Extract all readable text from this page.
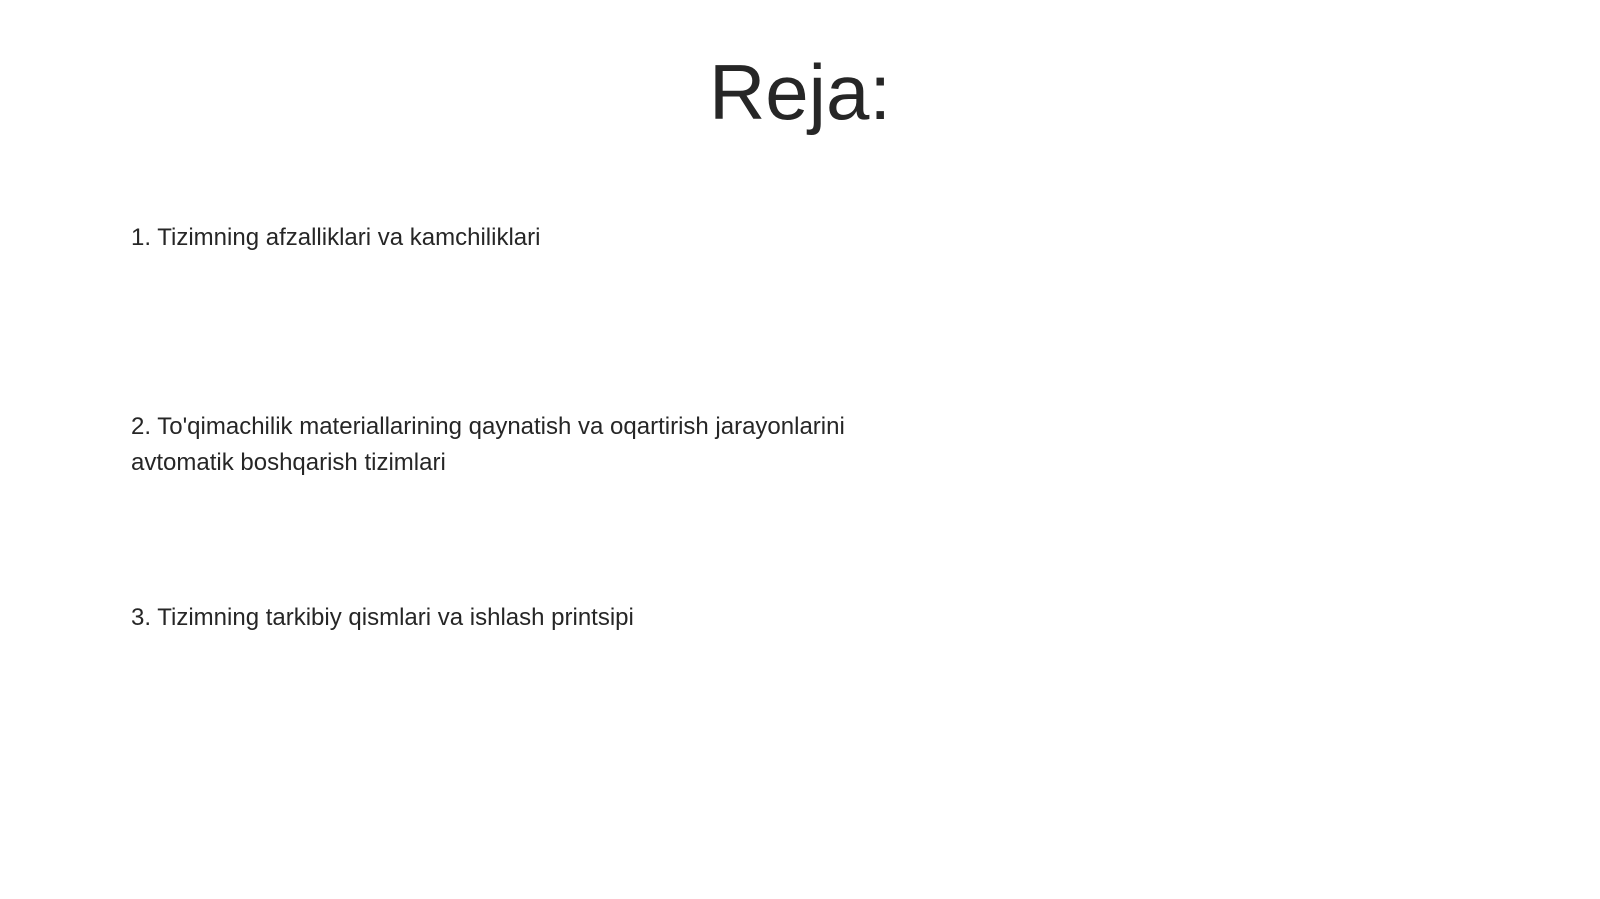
Reja:

1. Tizimning afzalliklari va kamchiliklari

2. To'qimachilik materiallarining qaynatish va oqartirish jarayonlarini avtomatik boshqarish tizimlari

3. Tizimning tarkibiy qismlari va ishlash printsipi
